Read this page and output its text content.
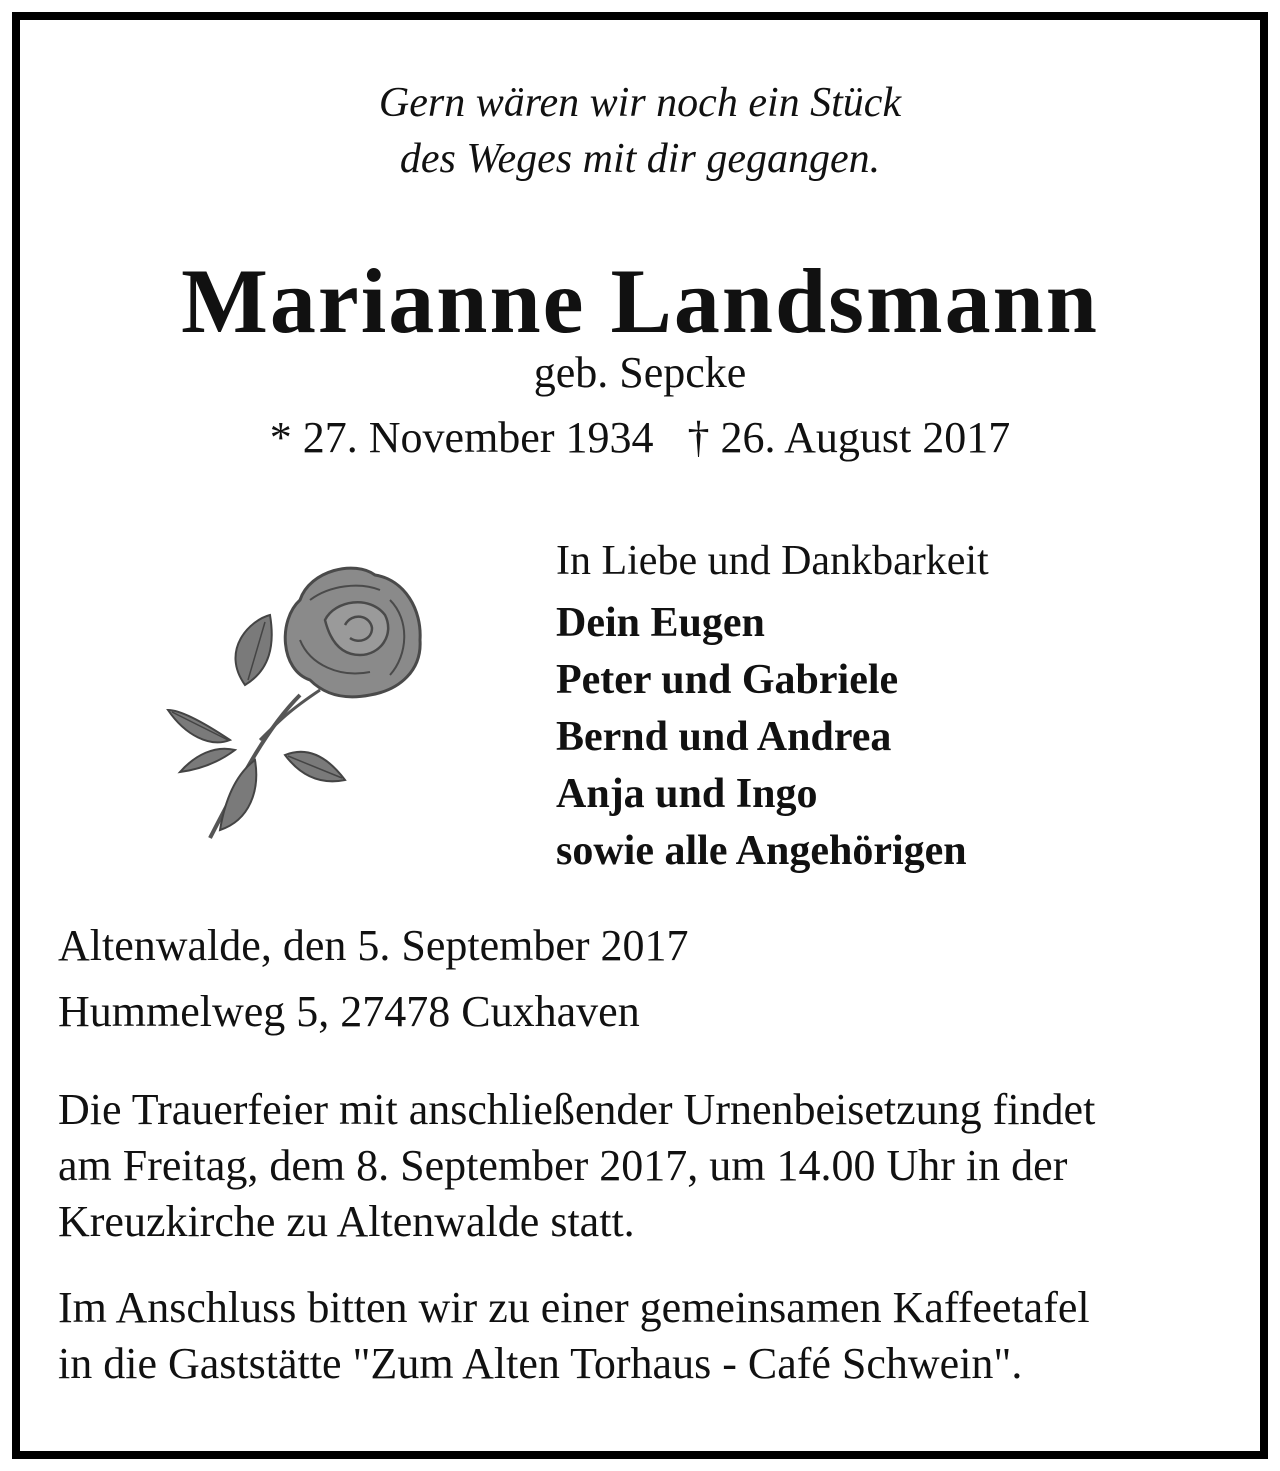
Gern wären wir noch ein Stück
des Weges mit dir gegangen.
Marianne Landsmann
geb. Sepcke
* 27. November 1934 † 26. August 2017
In Liebe und Dankbarkeit
Dein Eugen
Peter und Gabriele
Bernd und Andrea
Anja und Ingo
sowie alle Angehörigen
Altenwalde, den 5. September 2017
Hummelweg 5, 27478 Cuxhaven
Die Trauerfeier mit anschließender Urnenbeisetzung findet
am Freitag, dem 8. September 2017, um 14.00 Uhr in der
Kreuzkirche zu Altenwalde statt.
Im Anschluss bitten wir zu einer gemeinsamen Kaffeetafel
in die Gaststätte "Zum Alten Torhaus - Café Schwein".
